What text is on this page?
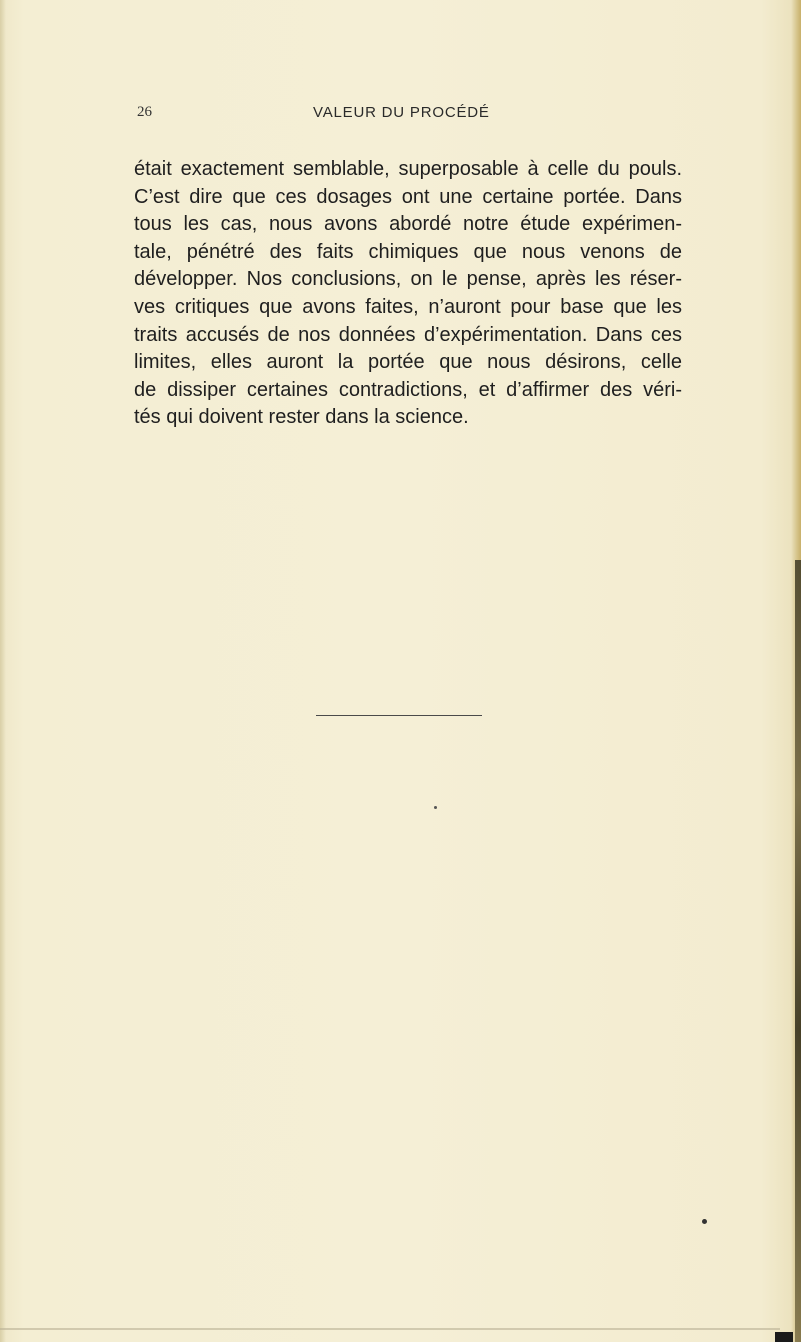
26	VALEUR DU PROCÉDÉ
était exactement semblable, superposable à celle du pouls.
C’est dire que ces dosages ont une certaine portée. Dans
tous les cas, nous avons abordé notre étude expérimen-
tale, pénétré des faits chimiques que nous venons de
développer. Nos conclusions, on le pense, après les réser-
ves critiques que avons faites, n’auront pour base que les
traits accusés de nos données d’expérimentation. Dans ces
limites, elles auront la portée que nous désirons, celle
de dissiper certaines contradictions, et d’affirmer des véri-
tés qui doivent rester dans la science.
